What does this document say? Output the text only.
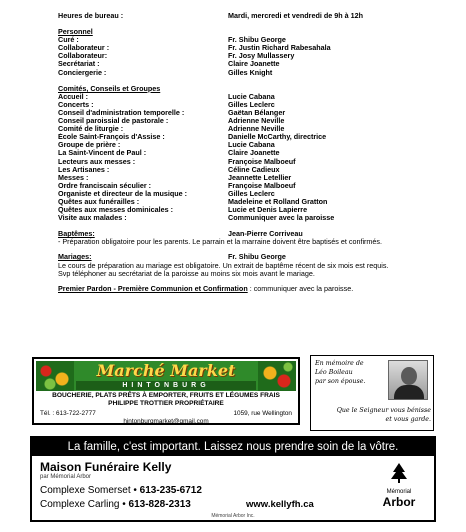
Heures de bureau :	Mardi, mercredi et vendredi de 9h à 12h
Personnel
Curé :	Fr. Shibu George
Collaborateur :	Fr. Justin Richard Rabesahala
Collaborateur:	Fr. Josy Mullassery
Secrétariat :	Claire Joanette
Conciergerie :	Gilles Knight
Comités, Conseils et Groupes
Accueil :	Lucie Cabana
Concerts :	Gilles Leclerc
Conseil d'administration temporelle :	Gaëtan Bélanger
Conseil paroissial de pastorale :	Adrienne Neville
Comité de liturgie :	Adrienne Neville
École Saint-François d'Assise :	Danielle McCarthy, directrice
Groupe de prière :	Lucie Cabana
La Saint-Vincent de Paul :	Claire Joanette
Lecteurs aux messes :	Françoise Malboeuf
Les Artisanes :	Céline Cadieux
Messes :	Jeannette Letellier
Ordre franciscain séculier :	Françoise Malboeuf
Organiste et directeur de la musique :	Gilles Leclerc
Quêtes aux funérailles :	Madeleine et Rolland Gratton
Quêtes aux messes dominicales :	Lucie et Denis Lapierre
Visite aux malades :	Communiquer avec la paroisse
Baptêmes:	Jean-Pierre Corriveau
- Préparation obligatoire pour les parents. Le parrain et la marraine doivent être baptisés et confirmés.
Mariages:	Fr. Shibu George
Le cours de préparation au mariage est obligatoire. Un extrait de baptême récent de six mois est requis.
Svp téléphoner au secrétariat de la paroisse au moins six mois avant le mariage.
Premier Pardon - Première Communion et Confirmation : communiquer avec la paroisse.
Marché Market
HINTONBURG
BOUCHERIE, PLATS PRÊTS À EMPORTER, FRUITS ET LÉGUMES FRAIS
PHILIPPE TROTTIER PROPRIÉTAIRE
Tél. : 613-722-2777	1059, rue Wellington
hintonburgmarket@gmail.com
En mémoire de
Léo Boileau
par son épouse.
Que le Seigneur vous bénisse
et vous garde.
La famille, c'est important. Laissez nous prendre soin de la vôtre.
Maison Funéraire Kelly
par Mémorial Arbor
Complexe Somerset • 613-235-6712
Complexe Carling • 613-828-2313	www.kellyfh.ca
Mémorial
Arbor
Mémorial Arbor Inc.
